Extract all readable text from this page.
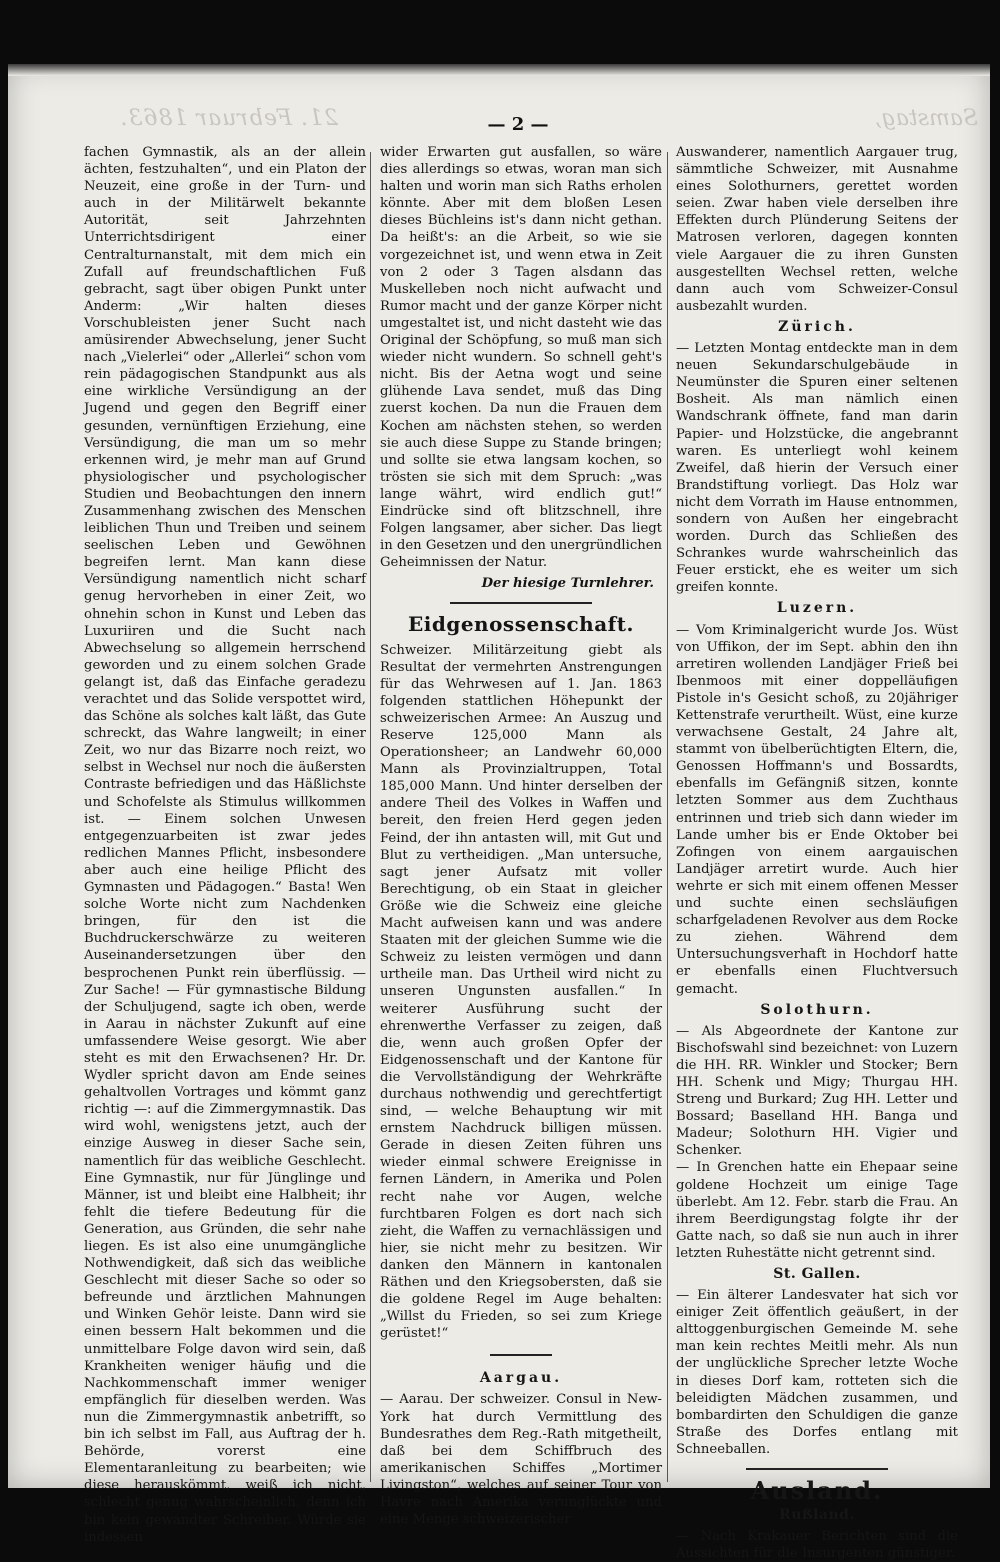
21. Februar 1863.	Samstag,
— 2 —

fachen Gymnastik, als an der allein ächten, festzuhalten“, und ein Platon der Neuzeit, eine große in der Turn- und auch in der Militärwelt bekannte Autorität, seit Jahrzehnten Unterrichtsdirigent einer Centralturnanstalt, mit dem mich ein Zufall auf freundschaftlichen Fuß gebracht, sagt über obigen Punkt unter Anderm: „Wir halten dieses Vorschubleisten jener Sucht nach amüsirender Abwechselung, jener Sucht nach „Vielerlei“ oder „Allerlei“ schon vom rein pädagogischen Standpunkt aus als eine wirkliche Versündigung an der Jugend und gegen den Begriff einer gesunden, vernünftigen Erziehung, eine Versündigung, die man um so mehr erkennen wird, je mehr man auf Grund physiologischer und psychologischer Studien und Beobachtungen den innern Zusammenhang zwischen des Menschen leiblichen Thun und Treiben und seinem seelischen Leben und Gewöhnen begreifen lernt. Man kann diese Versündigung namentlich nicht scharf genug hervorheben in einer Zeit, wo ohnehin schon in Kunst und Leben das Luxuriiren und die Sucht nach Abwechselung so allgemein herrschend geworden und zu einem solchen Grade gelangt ist, daß das Einfache geradezu verachtet und das Solide verspottet wird, das Schöne als solches kalt läßt, das Gute schreckt, das Wahre langweilt; in einer Zeit, wo nur das Bizarre noch reizt, wo selbst in Wechsel nur noch die äußersten Contraste befriedigen und das Häßlichste und Schofelste als Stimulus willkommen ist. — Einem solchen Unwesen entgegenzuarbeiten ist zwar jedes redlichen Mannes Pflicht, insbesondere aber auch eine heilige Pflicht des Gymnasten und Pädagogen.“ Basta! Wen solche Worte nicht zum Nachdenken bringen, für den ist die Buchdruckerschwärze zu weiteren Auseinandersetzungen über den besprochenen Punkt rein überflüssig. — Zur Sache! — Für gymnastische Bildung der Schuljugend, sagte ich oben, werde in Aarau in nächster Zukunft auf eine umfassendere Weise gesorgt. Wie aber steht es mit den Erwachsenen? Hr. Dr. Wydler spricht davon am Ende seines gehaltvollen Vortrages und kömmt ganz richtig —: auf die Zimmergymnastik. Das wird wohl, wenigstens jetzt, auch der einzige Ausweg in dieser Sache sein, namentlich für das weibliche Geschlecht. Eine Gymnastik, nur für Jünglinge und Männer, ist und bleibt eine Halbheit; ihr fehlt die tiefere Bedeutung für die Generation, aus Gründen, die sehr nahe liegen. Es ist also eine unumgängliche Nothwendigkeit, daß sich das weibliche Geschlecht mit dieser Sache so oder so befreunde und ärztlichen Mahnungen und Winken Gehör leiste. Dann wird sie einen bessern Halt bekommen und die unmittelbare Folge davon wird sein, daß Krankheiten weniger häufig und die Nachkommenschaft immer weniger empfänglich für dieselben werden. Was nun die Zimmergymnastik anbetrifft, so bin ich selbst im Fall, aus Auftrag der h. Behörde, vorerst eine Elementaranleitung zu bearbeiten; wie diese herauskömmt, weiß ich nicht, schlecht genug wahrscheinlich, denn ich bin kein gewandter Schreiber. Würde sie indessen

wider Erwarten gut ausfallen, so wäre dies allerdings so etwas, woran man sich halten und worin man sich Raths erholen könnte. Aber mit dem bloßen Lesen dieses Büchleins ist's dann nicht gethan. Da heißt's: an die Arbeit, so wie sie vorgezeichnet ist, und wenn etwa in Zeit von 2 oder 3 Tagen alsdann das Muskelleben noch nicht aufwacht und Rumor macht und der ganze Körper nicht umgestaltet ist, und nicht dasteht wie das Original der Schöpfung, so muß man sich wieder nicht wundern. So schnell geht's nicht. Bis der Aetna wogt und seine glühende Lava sendet, muß das Ding zuerst kochen. Da nun die Frauen dem Kochen am nächsten stehen, so werden sie auch diese Suppe zu Stande bringen; und sollte sie etwa langsam kochen, so trösten sie sich mit dem Spruch: „was lange währt, wird endlich gut!“ Eindrücke sind oft blitzschnell, ihre Folgen langsamer, aber sicher. Das liegt in den Gesetzen und den unergründlichen Geheimnissen der Natur.

Der hiesige Turnlehrer.
Eidgenossenschaft.

Schweizer. Militärzeitung giebt als Resultat der vermehrten Anstrengungen für das Wehrwesen auf 1. Jan. 1863 folgenden stattlichen Höhepunkt der schweizerischen Armee: An Auszug und Reserve 125,000 Mann als Operationsheer; an Landwehr 60,000 Mann als Provinzialtruppen, Total 185,000 Mann. Und hinter derselben der andere Theil des Volkes in Waffen und bereit, den freien Herd gegen jeden Feind, der ihn antasten will, mit Gut und Blut zu vertheidigen. „Man untersuche, sagt jener Aufsatz mit voller Berechtigung, ob ein Staat in gleicher Größe wie die Schweiz eine gleiche Macht aufweisen kann und was andere Staaten mit der gleichen Summe wie die Schweiz zu leisten vermögen und dann urtheile man. Das Urtheil wird nicht zu unseren Ungunsten ausfallen.“ In weiterer Ausführung sucht der ehrenwerthe Verfasser zu zeigen, daß die, wenn auch großen Opfer der Eidgenossenschaft und der Kantone für die Vervollständigung der Wehrkräfte durchaus nothwendig und gerechtfertigt sind, — welche Behauptung wir mit ernstem Nachdruck billigen müssen. Gerade in diesen Zeiten führen uns wieder einmal schwere Ereignisse in fernen Ländern, in Amerika und Polen recht nahe vor Augen, welche furchtbaren Folgen es dort nach sich zieht, die Waffen zu vernachlässigen und hier, sie nicht mehr zu besitzen. Wir danken den Männern in kantonalen Räthen und den Kriegsobersten, daß sie die goldene Regel im Auge behalten: „Willst du Frieden, so sei zum Kriege gerüstet!“

Aargau.

— Aarau. Der schweizer. Consul in New-York hat durch Vermittlung des Bundesrathes dem Reg.-Rath mitgetheilt, daß bei dem Schiffbruch des amerikanischen Schiffes „Mortimer Livingston“, welches auf seiner Tour von Havre nach Amerika verunglückte und eine Menge schweizerischer

Auswanderer, namentlich Aargauer trug, sämmtliche Schweizer, mit Ausnahme eines Solothurners, gerettet worden seien. Zwar haben viele derselben ihre Effekten durch Plünderung Seitens der Matrosen verloren, dagegen konnten viele Aargauer die zu ihren Gunsten ausgestellten Wechsel retten, welche dann auch vom Schweizer-Consul ausbezahlt wurden.

Zürich.

— Letzten Montag entdeckte man in dem neuen Sekundarschulgebäude in Neumünster die Spuren einer seltenen Bosheit. Als man nämlich einen Wandschrank öffnete, fand man darin Papier- und Holzstücke, die angebrannt waren. Es unterliegt wohl keinem Zweifel, daß hierin der Versuch einer Brandstiftung vorliegt. Das Holz war nicht dem Vorrath im Hause entnommen, sondern von Außen her eingebracht worden. Durch das Schließen des Schrankes wurde wahrscheinlich das Feuer erstickt, ehe es weiter um sich greifen konnte.

Luzern.

— Vom Kriminalgericht wurde Jos. Wüst von Uffikon, der im Sept. abhin den ihn arretiren wollenden Landjäger Frieß bei Ibenmoos mit einer doppelläufigen Pistole in's Gesicht schoß, zu 20jähriger Kettenstrafe verurtheilt. Wüst, eine kurze verwachsene Gestalt, 24 Jahre alt, stammt von übelberüchtigten Eltern, die, Genossen Hoffmann's und Bossardts, ebenfalls im Gefängniß sitzen, konnte letzten Sommer aus dem Zuchthaus entrinnen und trieb sich dann wieder im Lande umher bis er Ende Oktober bei Zofingen von einem aargauischen Landjäger arretirt wurde. Auch hier wehrte er sich mit einem offenen Messer und suchte einen sechsläufigen scharfgeladenen Revolver aus dem Rocke zu ziehen. Während dem Untersuchungsverhaft in Hochdorf hatte er ebenfalls einen Fluchtversuch gemacht.

Solothurn.

— Als Abgeordnete der Kantone zur Bischofswahl sind bezeichnet: von Luzern die HH. RR. Winkler und Stocker; Bern HH. Schenk und Migy; Thurgau HH. Streng und Burkard; Zug HH. Letter und Bossard; Baselland HH. Banga und Madeur; Solothurn HH. Vigier und Schenker.

— In Grenchen hatte ein Ehepaar seine goldene Hochzeit um einige Tage überlebt. Am 12. Febr. starb die Frau. An ihrem Beerdigungstag folgte ihr der Gatte nach, so daß sie nun auch in ihrer letzten Ruhestätte nicht getrennt sind.

St. Gallen.

— Ein älterer Landesvater hat sich vor einiger Zeit öffentlich geäußert, in der alttoggenburgischen Gemeinde M. sehe man kein rechtes Meitli mehr. Als nun der unglückliche Sprecher letzte Woche in dieses Dorf kam, rotteten sich die beleidigten Mädchen zusammen, und bombardirten den Schuldigen die ganze Straße des Dorfes entlang mit Schneeballen.

Ausland.
Rußland.

— Nach Krakauer Berichten sind die Aussichten für die Insurgenten günstiger.
